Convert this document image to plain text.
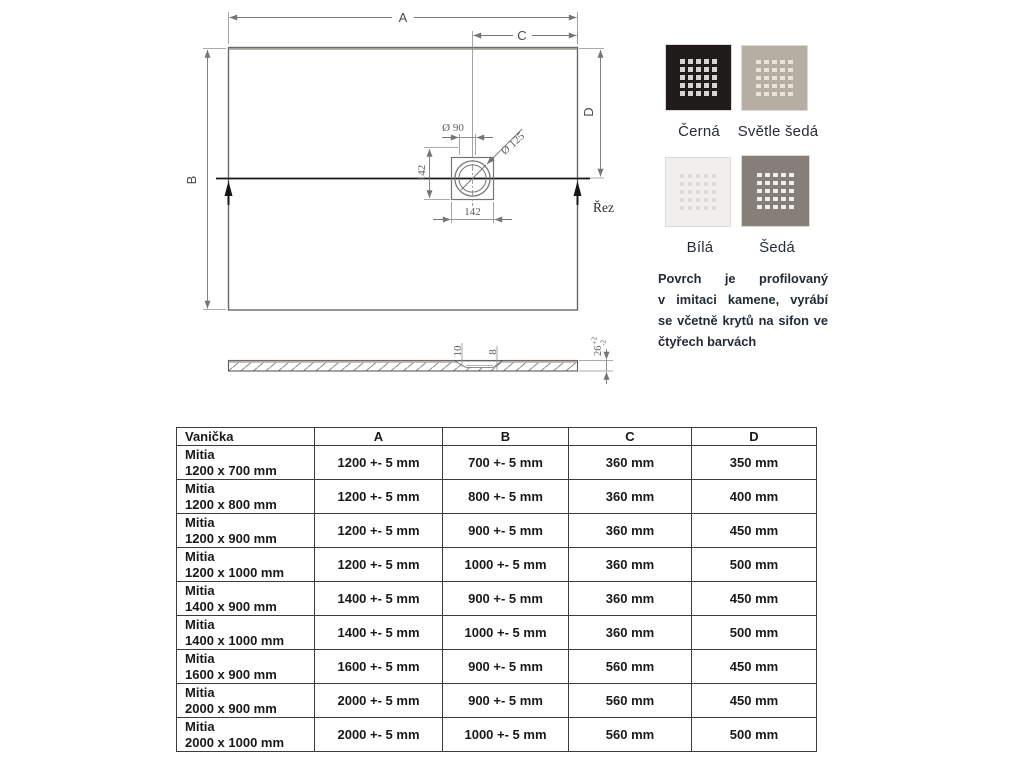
A
C
B
D
Řez
Ø 90
142
142
Ø 125
10 8	$26^{+2}-2$
Černá Světle šedá
Bílá	Šedá
Povrch je profilovaný
v imitaci kamene, vyrábí
se včetně krytů na sifon ve
čtyřech barvách
Vanička	A	B	C	D

Mitia
1200 x 700 mm	1200 +- 5 mm	700 +- 5 mm	360 mm	350 mm

Mitia
1200 x 800 mm	1200 +- 5 mm	800 +- 5 mm	360 mm	400 mm

Mitia
1200 x 900 mm	1200 +- 5 mm	900 +- 5 mm	360 mm	450 mm

Mitia
1200 x 1000 mm	1200 +- 5 mm	1000 +- 5 mm	360 mm	500 mm

Mitia
1400 x 900 mm	1400 +- 5 mm	900 +- 5 mm	360 mm	450 mm

Mitia
1400 x 1000 mm	1400 +- 5 mm	1000 +- 5 mm	360 mm	500 mm

Mitia
1600 x 900 mm	1600 +- 5 mm	900 +- 5 mm	560 mm	450 mm

Mitia
2000 x 900 mm	2000 +- 5 mm	900 +- 5 mm	560 mm	450 mm

Mitia
2000 x 1000 mm	2000 +- 5 mm	1000 +- 5 mm	560 mm	500 mm
